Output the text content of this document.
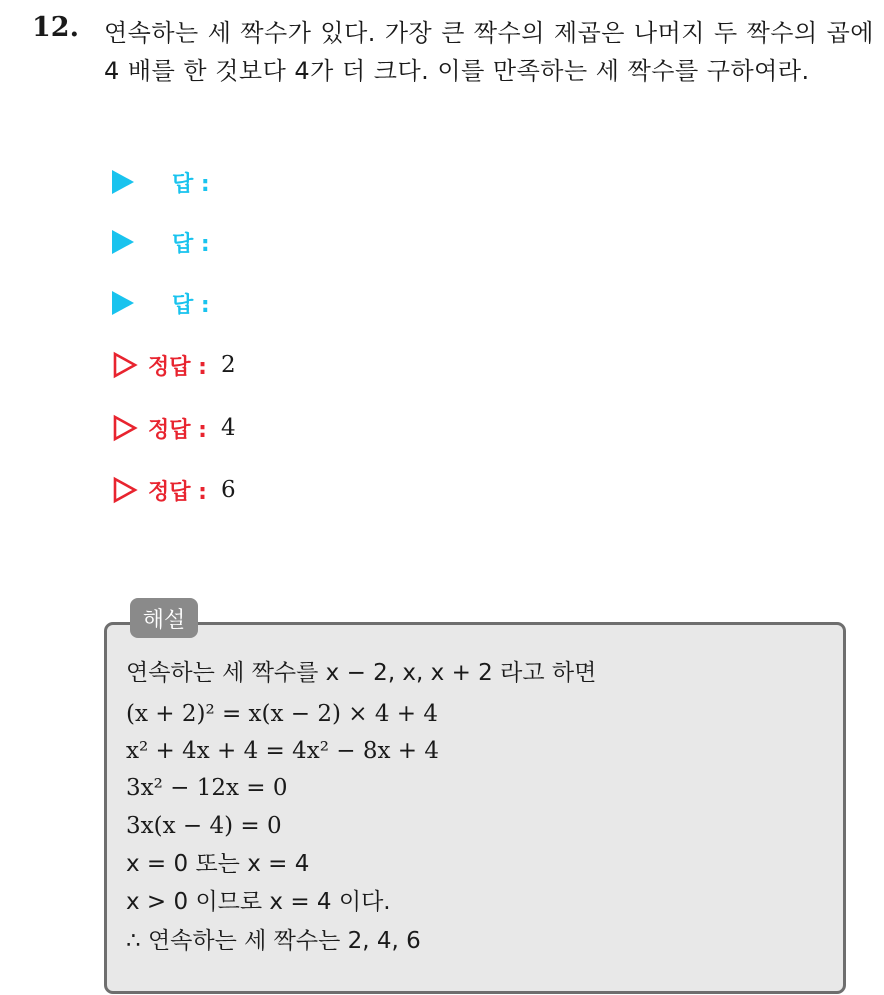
12. 연속하는 세 짝수가 있다. 가장 큰 짝수의 제곱은 나머지 두 짝수의 곱에 4 배를 한 것보다 4가 더 크다. 이를 만족하는 세 짝수를 구하여라.
답 :
답 :
답 :
정답 : 2
정답 : 4
정답 : 6
해설
연속하는 세 짝수를 x − 2, x, x + 2 라고 하면
(x + 2)² = x(x − 2) × 4 + 4
x² + 4x + 4 = 4x² − 8x + 4
3x² − 12x = 0
3x(x − 4) = 0
x = 0 또는 x = 4
x > 0 이므로 x = 4 이다.
∴ 연속하는 세 짝수는 2, 4, 6
